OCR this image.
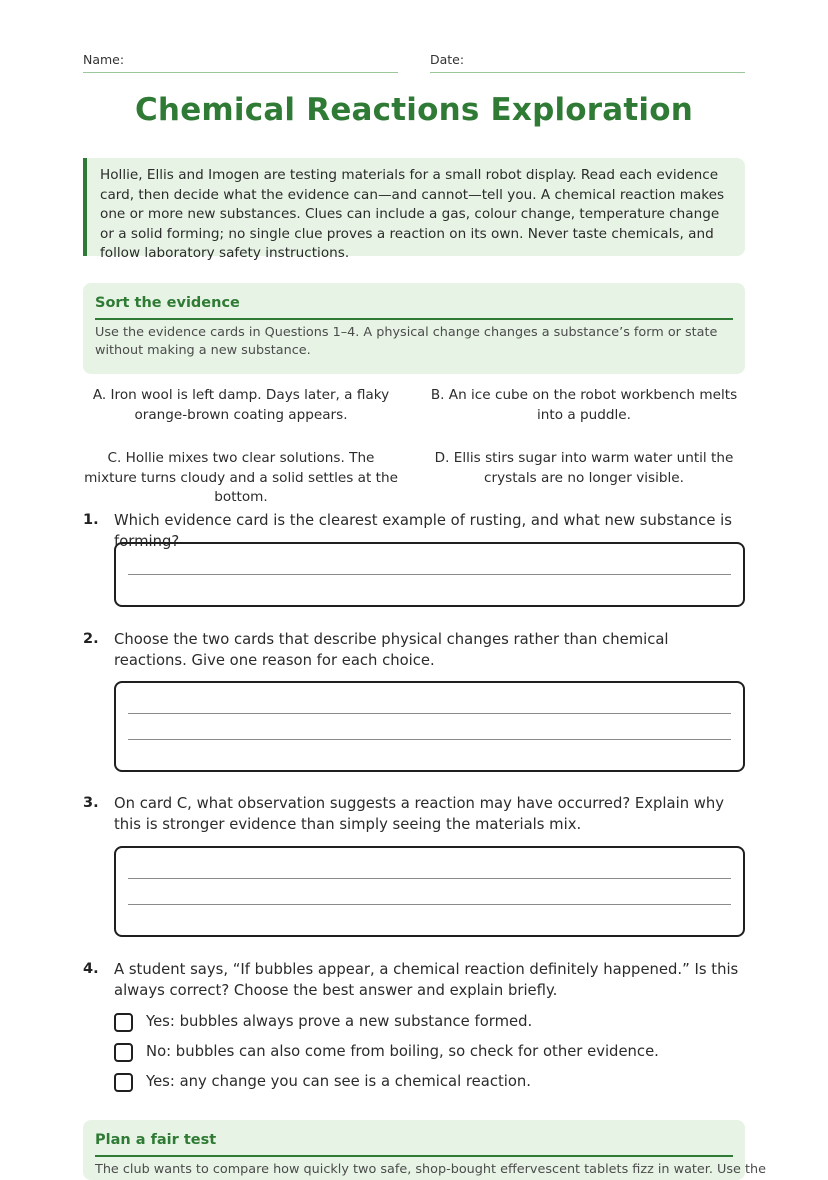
Name:	Date:
Chemical Reactions Exploration
Hollie, Ellis and Imogen are testing materials for a small robot display. Read each evidence card, then decide what the evidence can—and cannot—tell you. A chemical reaction makes one or more new substances. Clues can include a gas, colour change, temperature change or a solid forming; no single clue proves a reaction on its own. Never taste chemicals, and follow laboratory safety instructions.
Sort the evidence
Use the evidence cards in Questions 1–4. A physical change changes a substance’s form or state without making a new substance.
A. Iron wool is left damp. Days later, a flaky orange-brown coating appears.
B. An ice cube on the robot workbench melts into a puddle.
C. Hollie mixes two clear solutions. The mixture turns cloudy and a solid settles at the bottom.
D. Ellis stirs sugar into warm water until the crystals are no longer visible.
1. Which evidence card is the clearest example of rusting, and what new substance is forming?
2. Choose the two cards that describe physical changes rather than chemical reactions. Give one reason for each choice.
3. On card C, what observation suggests a reaction may have occurred? Explain why this is stronger evidence than simply seeing the materials mix.
4. A student says, “If bubbles appear, a chemical reaction definitely happened.” Is this always correct? Choose the best answer and explain briefly.
Yes: bubbles always prove a new substance formed.
No: bubbles can also come from boiling, so check for other evidence.
Yes: any change you can see is a chemical reaction.
Plan a fair test
The club wants to compare how quickly two safe, shop-bought effervescent tablets fizz in water. Use the
